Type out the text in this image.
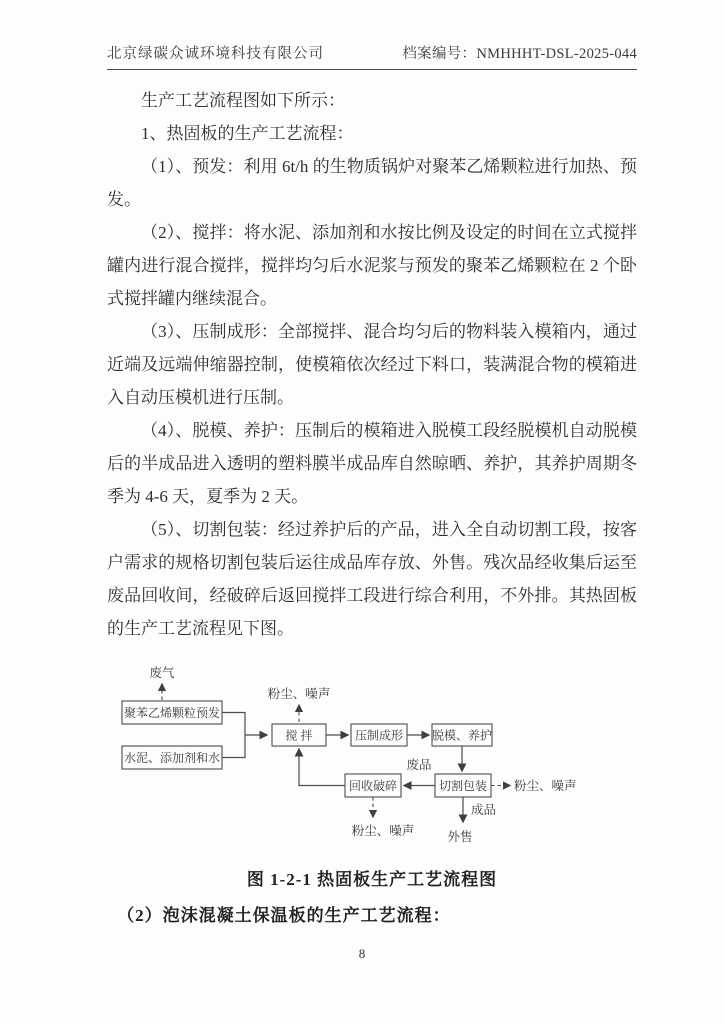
北京绿碳众诚环境科技有限公司	档案编号：NMHHHT-DSL-2025-044

生产工艺流程图如下所示：

1、热固板的生产工艺流程：

（1）、预发：利用 6t/h 的生物质锅炉对聚苯乙烯颗粒进行加热、预发。

（2）、搅拌：将水泥、添加剂和水按比例及设定的时间在立式搅拌罐内进行混合搅拌，搅拌均匀后水泥浆与预发的聚苯乙烯颗粒在 2 个卧式搅拌罐内继续混合。

（3）、压制成形：全部搅拌、混合均匀后的物料装入模箱内，通过近端及远端伸缩器控制，使模箱依次经过下料口，装满混合物的模箱进入自动压模机进行压制。

（4）、脱模、养护：压制后的模箱进入脱模工段经脱模机自动脱模后的半成品进入透明的塑料膜半成品库自然晾晒、养护，其养护周期冬季为 4-6 天，夏季为 2 天。

（5）、切割包装：经过养护后的产品，进入全自动切割工段，按客户需求的规格切割包装后运往成品库存放、外售。残次品经收集后运至废品回收间，经破碎后返回搅拌工段进行综合利用，不外排。其热固板的生产工艺流程见下图。

废气
聚苯乙烯颗粒预发
水泥、添加剂和水
粉尘、噪声
搅 拌	压制成形 脱模、养护
废品
切割包装
回收破碎
粉尘、噪声
粉尘、噪声
成品
外售

图 1-2-1 热固板生产工艺流程图

（2）泡沫混凝土保温板的生产工艺流程：

8
